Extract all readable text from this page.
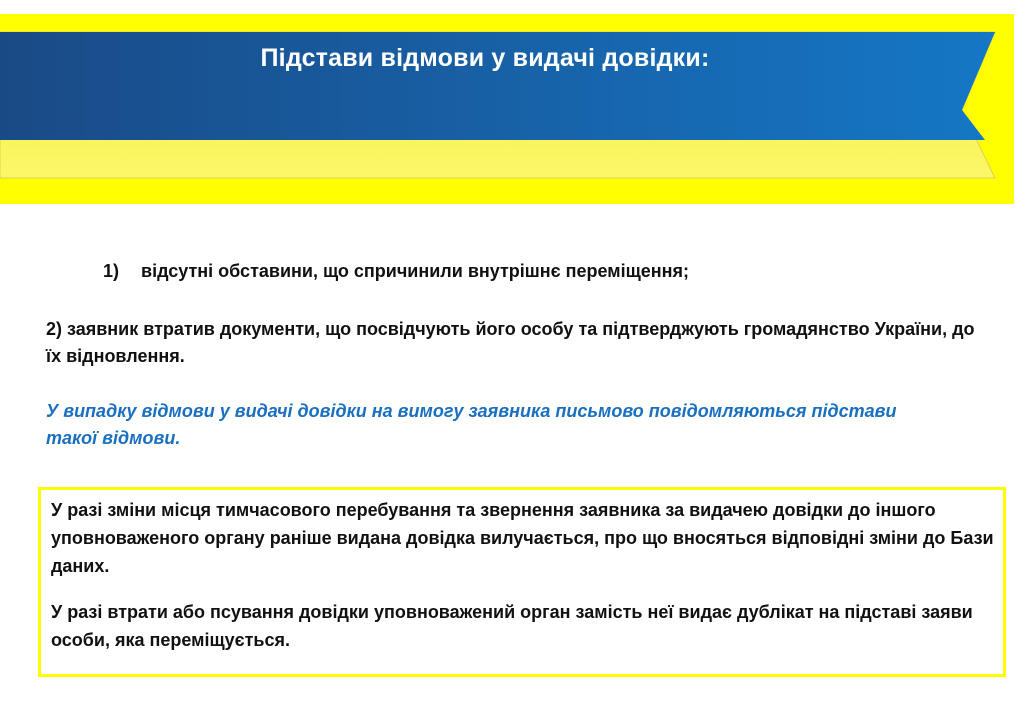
Підстави відмови у видачі довідки:
1) відсутні обставини, що спричинили внутрішнє переміщення;
2) заявник втратив документи, що посвідчують його особу та підтверджують громадянство України, до їх відновлення.
У випадку відмови у видачі довідки на вимогу заявника письмово повідомляються підстави такої відмови.

У разі зміни місця тимчасового перебування та звернення заявника за видачею довідки до іншого уповноваженого органу раніше видана довідка вилучається, про що вносяться відповідні зміни до Бази даних.

У разі втрати або псування довідки уповноважений орган замість неї видає дублікат на підставі заяви особи, яка переміщується.
